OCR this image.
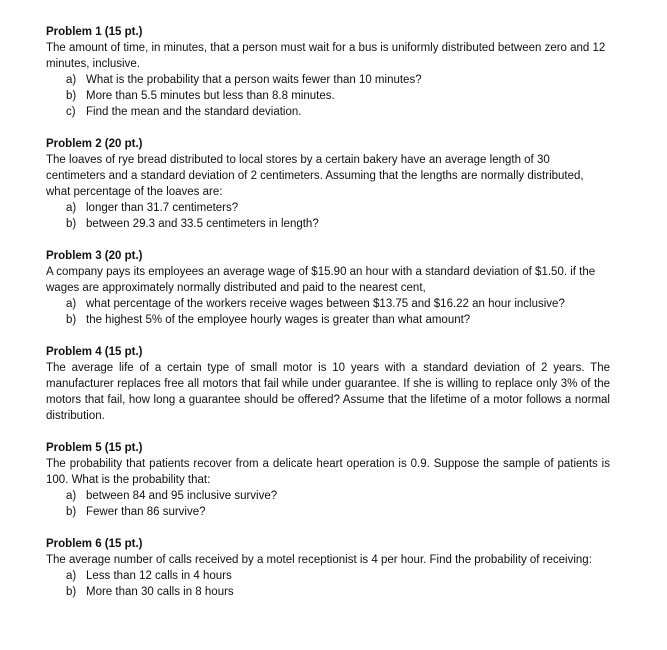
Problem 1 (15 pt.)

The amount of time, in minutes, that a person must wait for a bus is uniformly distributed between zero and 12 minutes, inclusive.

a) What is the probability that a person waits fewer than 10 minutes?
b) More than 5.5 minutes but less than 8.8 minutes.
c) Find the mean and the standard deviation.

Problem 2 (20 pt.)

The loaves of rye bread distributed to local stores by a certain bakery have an average length of 30 centimeters and a standard deviation of 2 centimeters. Assuming that the lengths are normally distributed, what percentage of the loaves are:

a) longer than 31.7 centimeters?
b) between 29.3 and 33.5 centimeters in length?

Problem 3 (20 pt.)

A company pays its employees an average wage of $15.90 an hour with a standard deviation of $1.50. if the wages are approximately normally distributed and paid to the nearest cent,

a) what percentage of the workers receive wages between $13.75 and $16.22 an hour inclusive?
b) the highest 5% of the employee hourly wages is greater than what amount?

Problem 4 (15 pt.)

The average life of a certain type of small motor is 10 years with a standard deviation of 2 years. The manufacturer replaces free all motors that fail while under guarantee. If she is willing to replace only 3% of the motors that fail, how long a guarantee should be offered? Assume that the lifetime of a motor follows a normal distribution.

Problem 5 (15 pt.)

The probability that patients recover from a delicate heart operation is 0.9. Suppose the sample of patients is 100. What is the probability that:

a) between 84 and 95 inclusive survive?
b) Fewer than 86 survive?

Problem 6 (15 pt.)

The average number of calls received by a motel receptionist is 4 per hour. Find the probability of receiving:

a) Less than 12 calls in 4 hours
b) More than 30 calls in 8 hours
